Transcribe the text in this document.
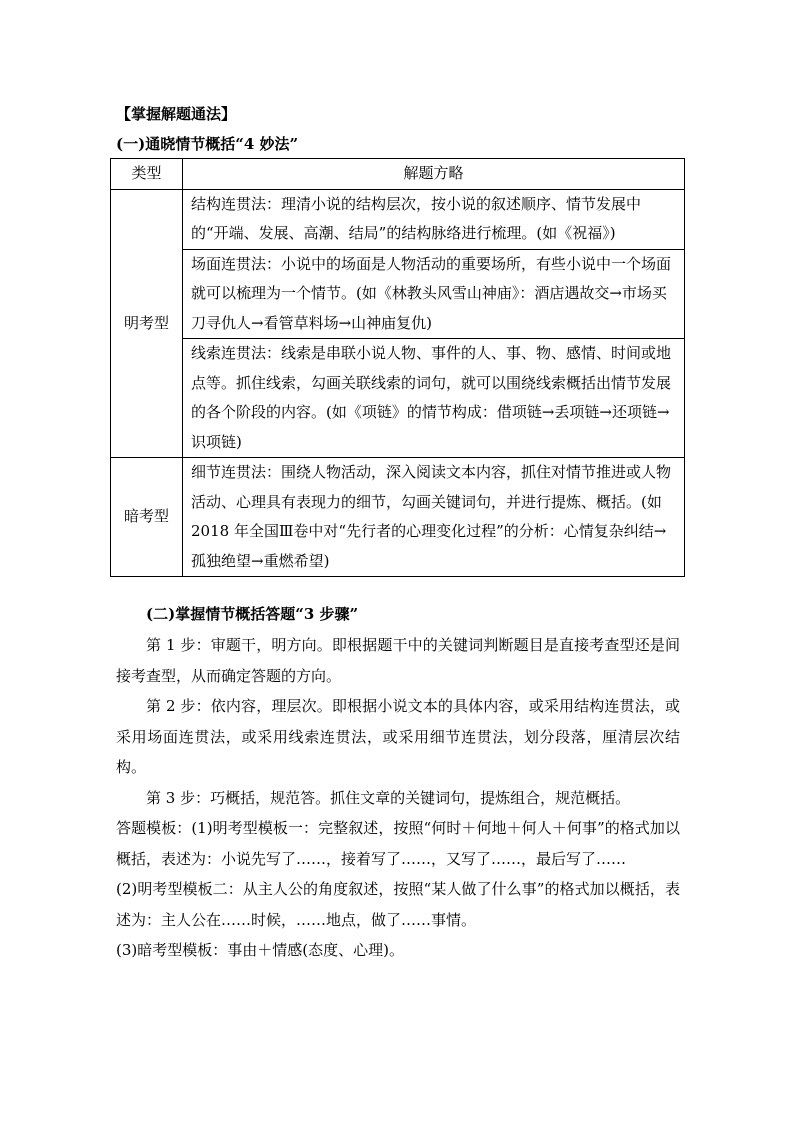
【掌握解题通法】
(一)通晓情节概括“4 妙法”
类型	解题方略
明考型	结构连贯法：理清小说的结构层次，按小说的叙述顺序、情节发展中的“开端、发展、高潮、结局”的结构脉络进行梳理。(如《祝福》)
	场面连贯法：小说中的场面是人物活动的重要场所，有些小说中一个场面就可以梳理为一个情节。(如《林教头风雪山神庙》：酒店遇故交→市场买刀寻仇人→看管草料场→山神庙复仇)
	线索连贯法：线索是串联小说人物、事件的人、事、物、感情、时间或地点等。抓住线索，勾画关联线索的词句，就可以围绕线索概括出情节发展的各个阶段的内容。(如《项链》的情节构成：借项链→丢项链→还项链→识项链)
暗考型	细节连贯法：围绕人物活动，深入阅读文本内容，抓住对情节推进或人物活动、心理具有表现力的细节，勾画关键词句，并进行提炼、概括。(如 2018 年全国Ⅲ卷中对“先行者的心理变化过程”的分析：心情复杂纠结→孤独绝望→重燃希望)
(二)掌握情节概括答题“3 步骤”

第 1 步：审题干，明方向。即根据题干中的关键词判断题目是直接考查型还是间接考查型，从而确定答题的方向。

第 2 步：依内容，理层次。即根据小说文本的具体内容，或采用结构连贯法，或采用场面连贯法，或采用线索连贯法，或采用细节连贯法，划分段落，厘清层次结构。

第 3 步：巧概括，规范答。抓住文章的关键词句，提炼组合，规范概括。

答题模板：(1)明考型模板一：完整叙述，按照“何时＋何地＋何人＋何事”的格式加以概括，表述为：小说先写了……，接着写了……，又写了……，最后写了……

(2)明考型模板二：从主人公的角度叙述，按照“某人做了什么事”的格式加以概括，表述为：主人公在……时候，……地点，做了……事情。

(3)暗考型模板：事由＋情感(态度、心理)。
